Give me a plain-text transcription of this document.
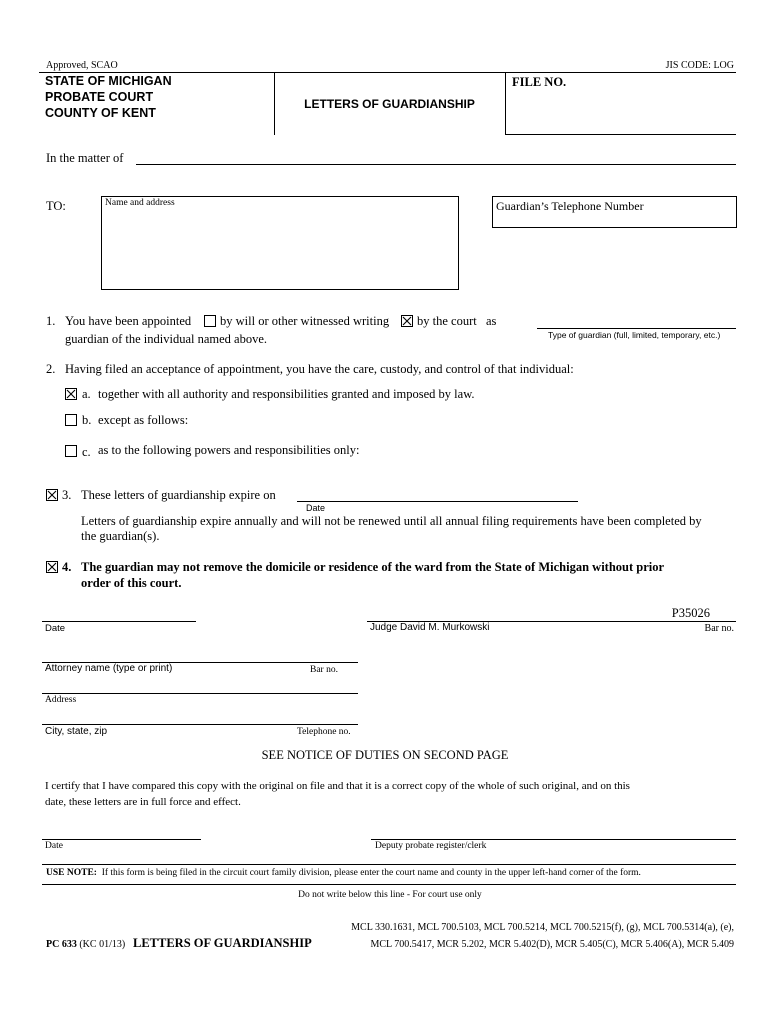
Approved, SCAO	JIS CODE: LOG
STATE OF MICHIGAN
PROBATE COURT
COUNTY OF KENT
LETTERS OF GUARDIANSHIP
FILE NO.
In the matter of
TO:	Name and address	Guardian’s Telephone Number
1. You have been appointed by will or other witnessed writing by the court as
Type of guardian (full, limited, temporary, etc.)
guardian of the individual named above.
2. Having filed an acceptance of appointment, you have the care, custody, and control of that individual:
a. together with all authority and responsibilities granted and imposed by law.
b. except as follows:
c. as to the following powers and responsibilities only:
3. These letters of guardianship expire on
Date
Letters of guardianship expire annually and will not be renewed until all annual filing requirements have been completed by
the guardian(s).
4. The guardian may not remove the domicile or residence of the ward from the State of Michigan without prior
order of this court.
Date
P35026
Judge David M. Murkowski	Bar no.
Attorney name (type or print)	Bar no.
Address
City, state, zip	Telephone no.
SEE NOTICE OF DUTIES ON SECOND PAGE
I certify that I have compared this copy with the original on file and that it is a correct copy of the whole of such original, and on this
date, these letters are in full force and effect.
Date	Deputy probate register/clerk
USE NOTE: If this form is being filed in the circuit court family division, please enter the court name and county in the upper left-hand corner of the form.
Do not write below this line - For court use only
PC 633 (KC 01/13) LETTERS OF GUARDIANSHIP
MCL 330.1631, MCL 700.5103, MCL 700.5214, MCL 700.5215(f), (g), MCL 700.5314(a), (e),
MCL 700.5417, MCR 5.202, MCR 5.402(D), MCR 5.405(C), MCR 5.406(A), MCR 5.409
